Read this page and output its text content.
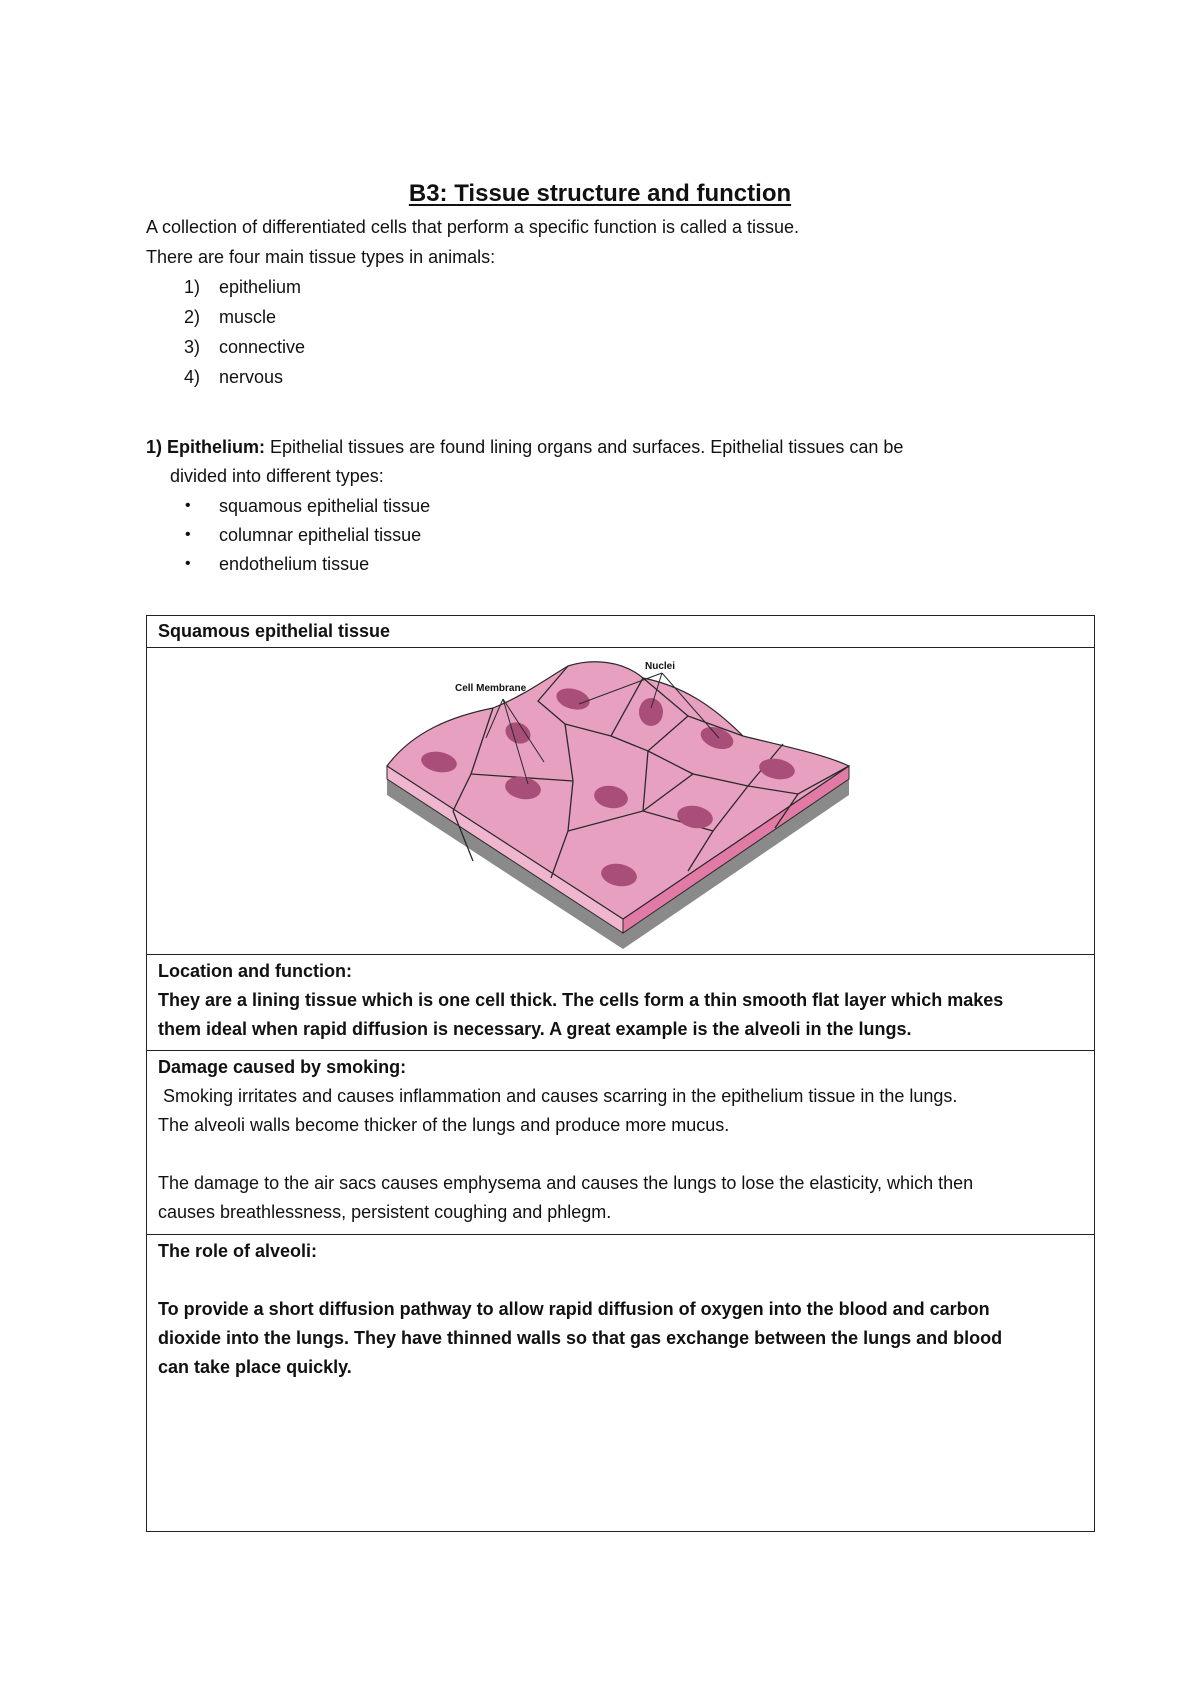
B3: Tissue structure and function
A collection of differentiated cells that perform a specific function is called a tissue.
There are four main tissue types in animals:
1) epithelium
2) muscle
3) connective
4) nervous
1) Epithelium: Epithelial tissues are found lining organs and surfaces. Epithelial tissues can be
divided into different types:
• squamous epithelial tissue
• columnar epithelial tissue
• endothelium tissue
Squamous epithelial tissue
Cell Membrane
Nuclei

Location and function:

They are a lining tissue which is one cell thick. The cells form a thin smooth flat layer which makes

them ideal when rapid diffusion is necessary. A great example is the alveoli in the lungs.

Damage caused by smoking:

Smoking irritates and causes inflammation and causes scarring in the epithelium tissue in the lungs.

The alveoli walls become thicker of the lungs and produce more mucus.

The damage to the air sacs causes emphysema and causes the lungs to lose the elasticity, which then

causes breathlessness, persistent coughing and phlegm.

The role of alveoli:

To provide a short diffusion pathway to allow rapid diffusion of oxygen into the blood and carbon

dioxide into the lungs. They have thinned walls so that gas exchange between the lungs and blood

can take place quickly.
